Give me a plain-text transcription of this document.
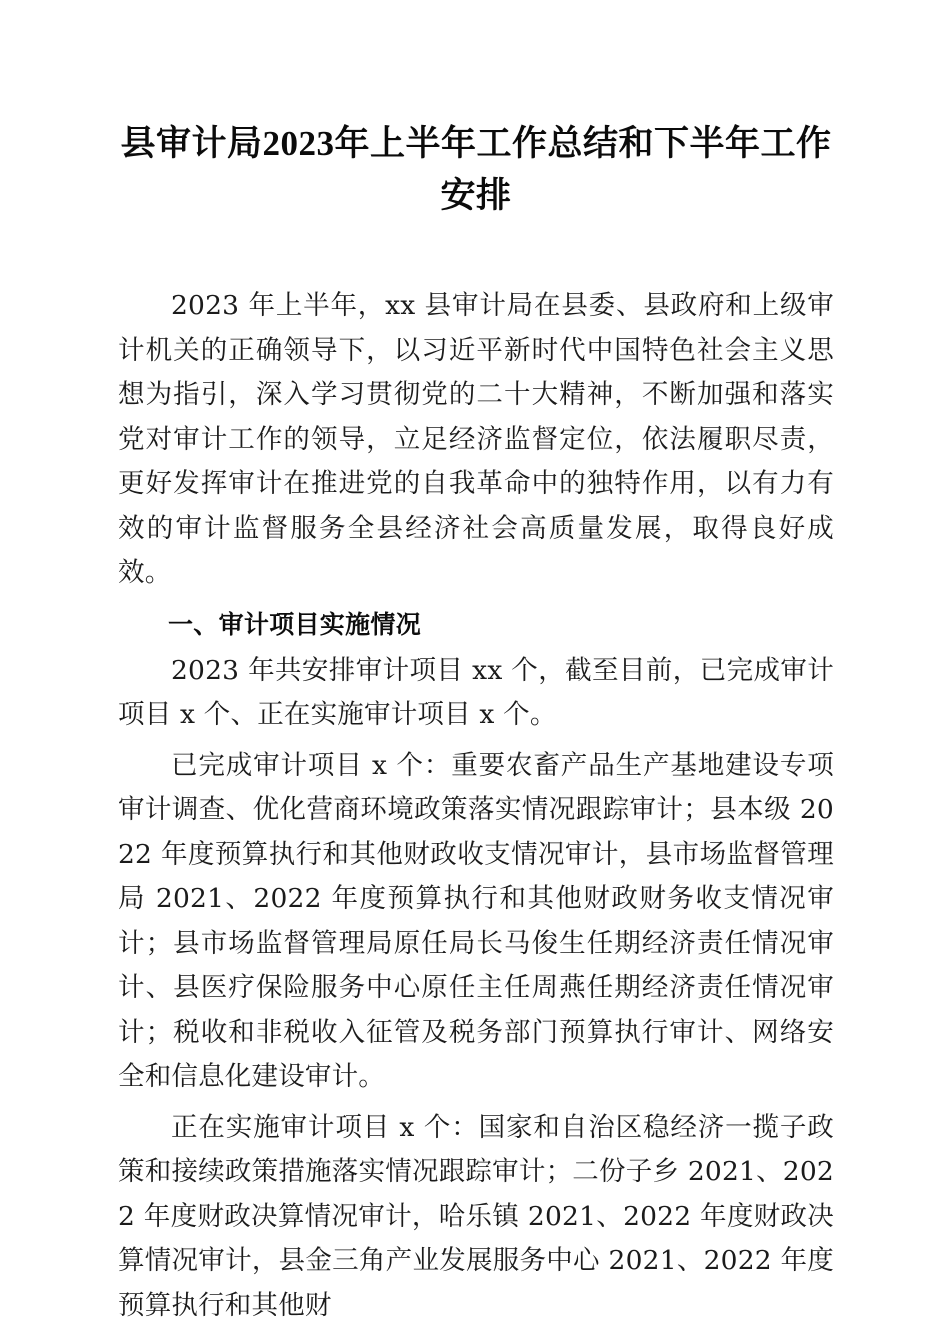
县审计局2023年上半年工作总结和下半年工作安排

2023 年上半年，xx 县审计局在县委、县政府和上级审计机关的正确领导下，以习近平新时代中国特色社会主义思想为指引，深入学习贯彻党的二十大精神，不断加强和落实党对审计工作的领导，立足经济监督定位，依法履职尽责，更好发挥审计在推进党的自我革命中的独特作用，以有力有效的审计监督服务全县经济社会高质量发展，取得良好成效。

一、审计项目实施情况

2023 年共安排审计项目 xx 个，截至目前，已完成审计项目 x 个、正在实施审计项目 x 个。

已完成审计项目 x 个：重要农畜产品生产基地建设专项审计调查、优化营商环境政策落实情况跟踪审计；县本级 2022 年度预算执行和其他财政收支情况审计，县市场监督管理局 2021、2022 年度预算执行和其他财政财务收支情况审计；县市场监督管理局原任局长马俊生任期经济责任情况审计、县医疗保险服务中心原任主任周燕任期经济责任情况审计；税收和非税收入征管及税务部门预算执行审计、网络安全和信息化建设审计。

正在实施审计项目 x 个：国家和自治区稳经济一揽子政策和接续政策措施落实情况跟踪审计；二份子乡 2021、2022 年度财政决算情况审计，哈乐镇 2021、2022 年度财政决算情况审计，县金三角产业发展服务中心 2021、2022 年度预算执行和其他财
